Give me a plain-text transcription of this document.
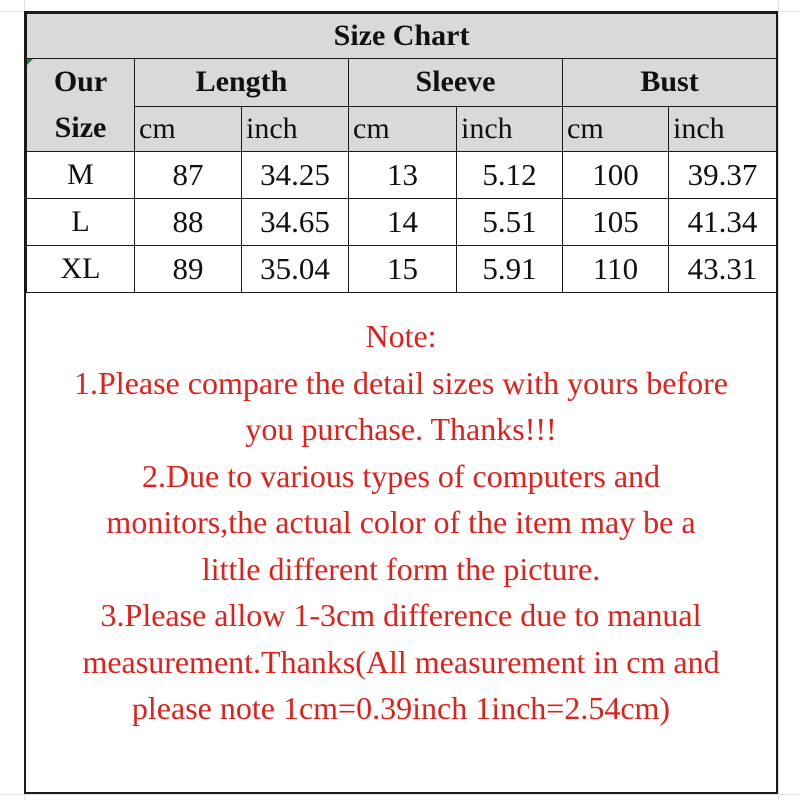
Size Chart						

Our
Size	Length		Sleeve		Bust	
	cm	inch	cm	inch	cm	inch
M	87	34.25	13	5.12	100	39.37
L	88	34.65	14	5.51	105	41.34
XL	89	35.04	15	5.91	110	43.31
Note:
1.Please compare the detail sizes with yours before
you purchase. Thanks!!!
2.Due to various types of computers and
monitors,the actual color of the item may be a
little different form the picture.
3.Please allow 1-3cm difference due to manual
measurement.Thanks(All measurement in cm and
please note 1cm=0.39inch 1inch=2.54cm)
